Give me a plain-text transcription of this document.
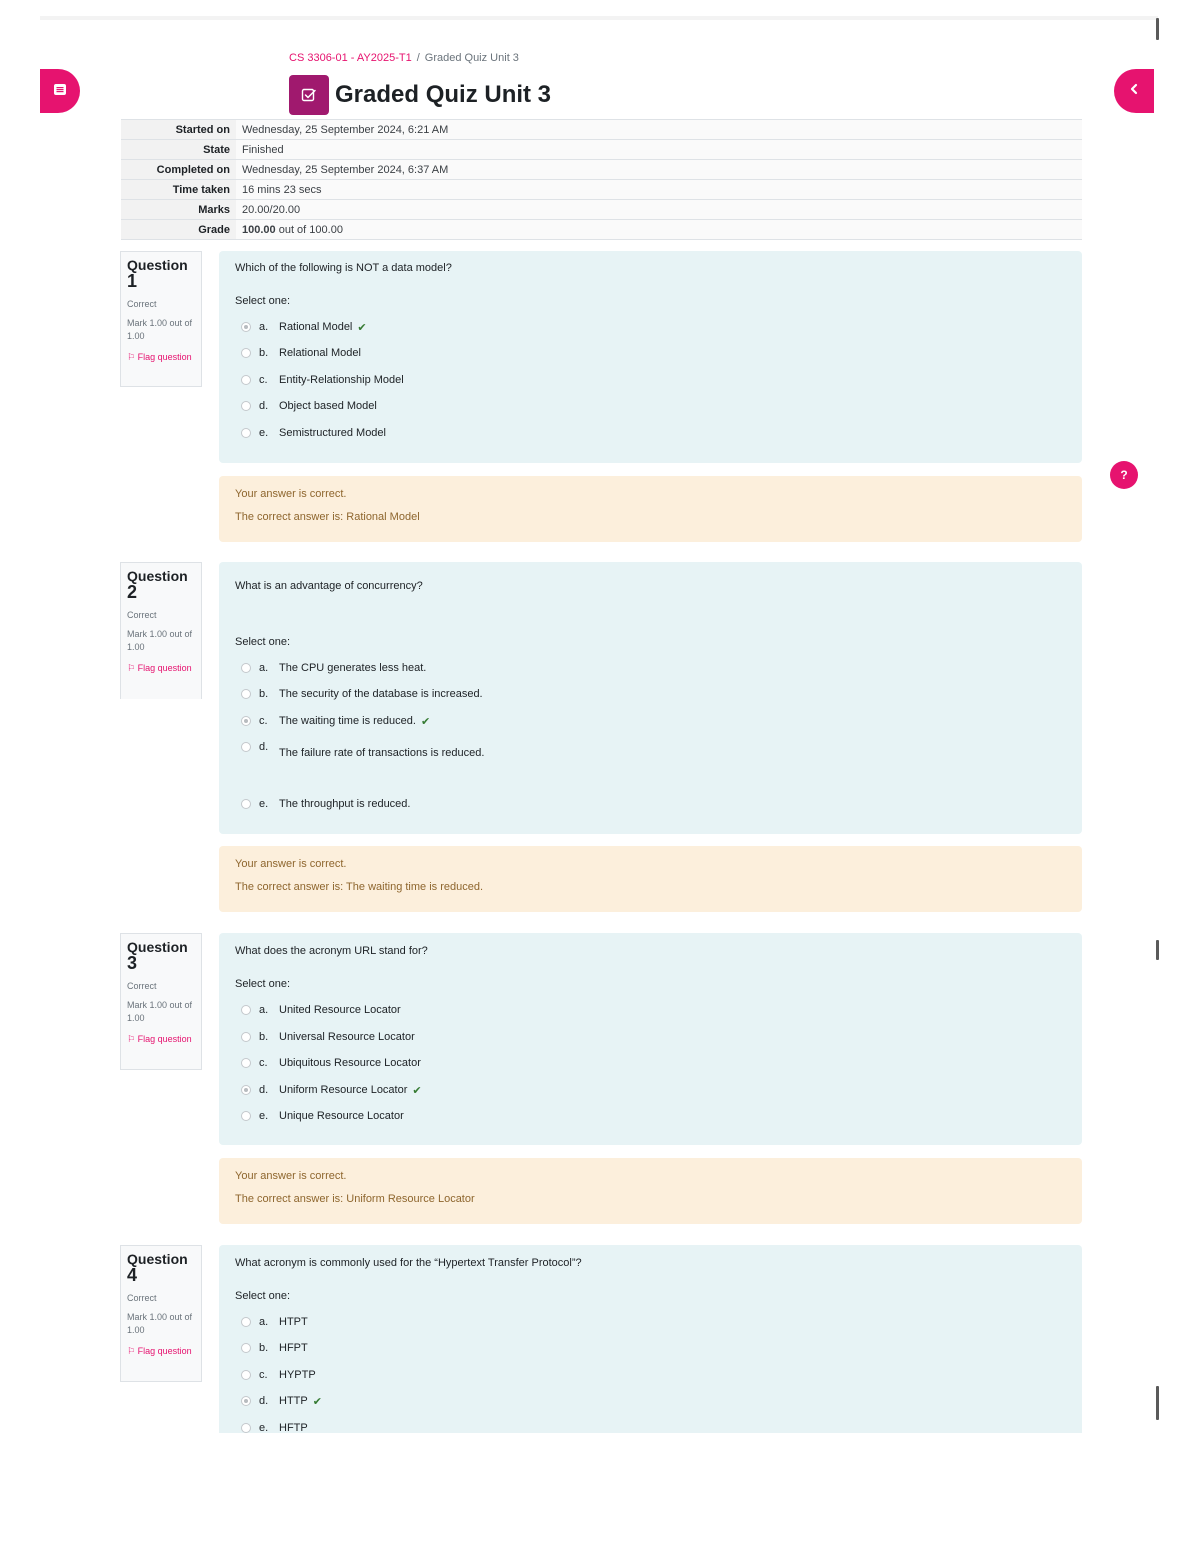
?
CS 3306-01 - AY2025-T1 / Graded Quiz Unit 3
Graded Quiz Unit 3
Started on	Wednesday, 25 September 2024, 6:21 AM
State	Finished
Completed on	Wednesday, 25 September 2024, 6:37 AM
Time taken	16 mins 23 secs
Marks	20.00/20.00
Grade	100.00 out of 100.00
Question
1
Correct
Mark 1.00 out of 1.00
⚐ Flag question
Which of the following is NOT a data model?
Select one:
a. Rational Model ✔
b. Relational Model
c.	Entity-Relationship Model
d. Object based Model
e. Semistructured Model
Your answer is correct.
The correct answer is: Rational Model
Question
2
Correct
Mark 1.00 out of 1.00
⚐ Flag question
What is an advantage of concurrency?
Select one:
a. The CPU generates less heat.
b. The security of the database is increased.
c.	The waiting time is reduced. ✔
d. The failure rate of transactions is reduced.
e. The throughput is reduced.
Your answer is correct.
The correct answer is: The waiting time is reduced.
Question
3
Correct
Mark 1.00 out of 1.00
⚐ Flag question
What does the acronym URL stand for?
Select one:
a. United Resource Locator
b. Universal Resource Locator
c.	Ubiquitous Resource Locator
d. Uniform Resource Locator ✔
e. Unique Resource Locator
Your answer is correct.
The correct answer is: Uniform Resource Locator
Question
4
Correct
Mark 1.00 out of 1.00
⚐ Flag question
What acronym is commonly used for the “Hypertext Transfer Protocol”?
Select one:
a. HTPT
b. HFPT
c.	HYPTP
d. HTTP ✔
e. HFTP
